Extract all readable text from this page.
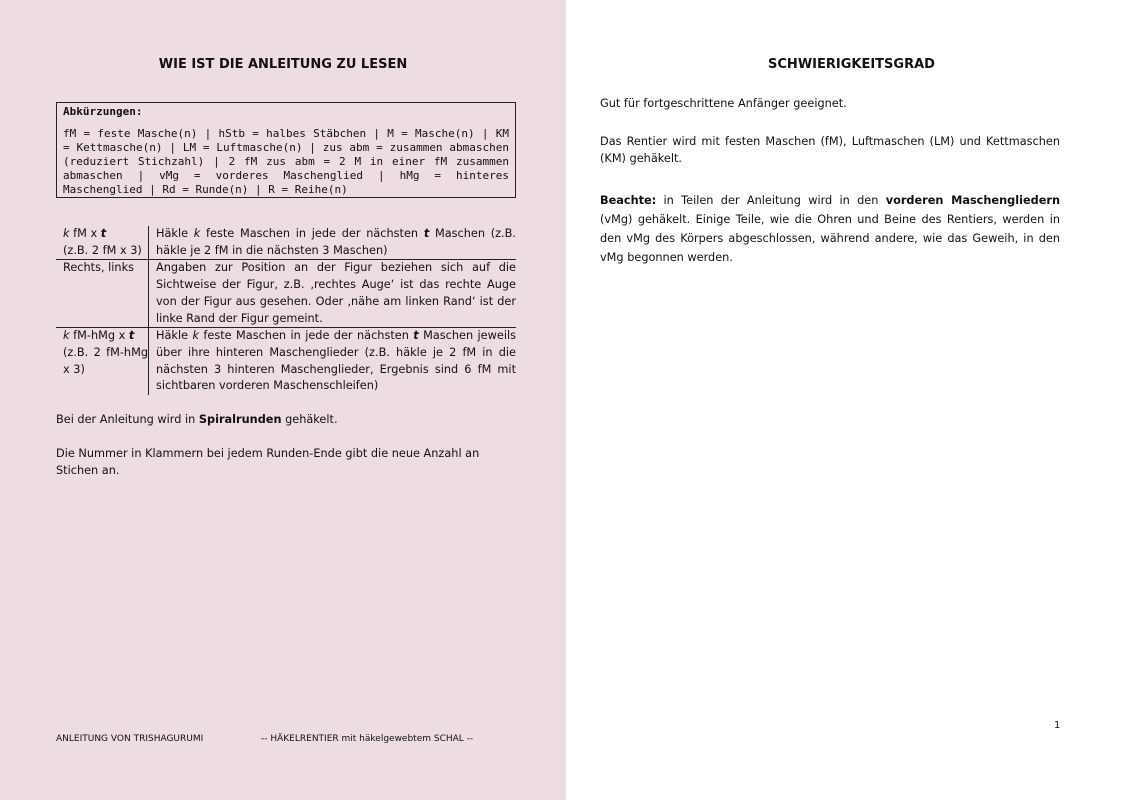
WIE IST DIE ANLEITUNG ZU LESEN
Abkürzungen:
fM = feste Masche(n) | hStb = halbes Stäbchen | M = Masche(n) | KM = Kettmasche(n) | LM = Luftmasche(n) | zus abm = zusammen abmaschen (reduziert Stichzahl) | 2 fM zus abm = 2 M in einer fM zusammen abmaschen | vMg = vorderes Maschenglied | hMg = hinteres Maschenglied | Rd = Runde(n) | R = Reihe(n)
k fM x t
(z.B. 2 fM x 3)	Häkle k feste Maschen in jede der nächsten t Maschen (z.B. häkle je 2 fM in die nächsten 3 Maschen)
Rechts, links	Angaben zur Position an der Figur beziehen sich auf die Sichtweise der Figur, z.B. ‚rechtes Auge‘ ist das rechte Auge von der Figur aus gesehen. Oder ‚nähe am linken Rand‘ ist der linke Rand der Figur gemeint.
k fM-hMg x t
(z.B. 2 fM-hMg x 3)	Häkle k feste Maschen in jede der nächsten t Maschen jeweils über ihre hinteren Maschenglieder (z.B. häkle je 2 fM in die nächsten 3 hinteren Maschenglieder, Ergebnis sind 6 fM mit sichtbaren vorderen Maschenschleifen)
Bei der Anleitung wird in Spiralrunden gehäkelt.
Die Nummer in Klammern bei jedem Runden-Ende gibt die neue Anzahl an Stichen an.
ANLEITUNG VON TRISHAGURUMI	-- HÄKELRENTIER mit häkelgewebtem SCHAL --
SCHWIERIGKEITSGRAD
Gut für fortgeschrittene Anfänger geeignet.
Das Rentier wird mit festen Maschen (fM), Luftmaschen (LM) und Kettmaschen (KM) gehäkelt.
Beachte: in Teilen der Anleitung wird in den vorderen Maschengliedern (vMg) gehäkelt. Einige Teile, wie die Ohren und Beine des Rentiers, werden in den vMg des Körpers abgeschlossen, während andere, wie das Geweih, in den vMg begonnen werden.
1
